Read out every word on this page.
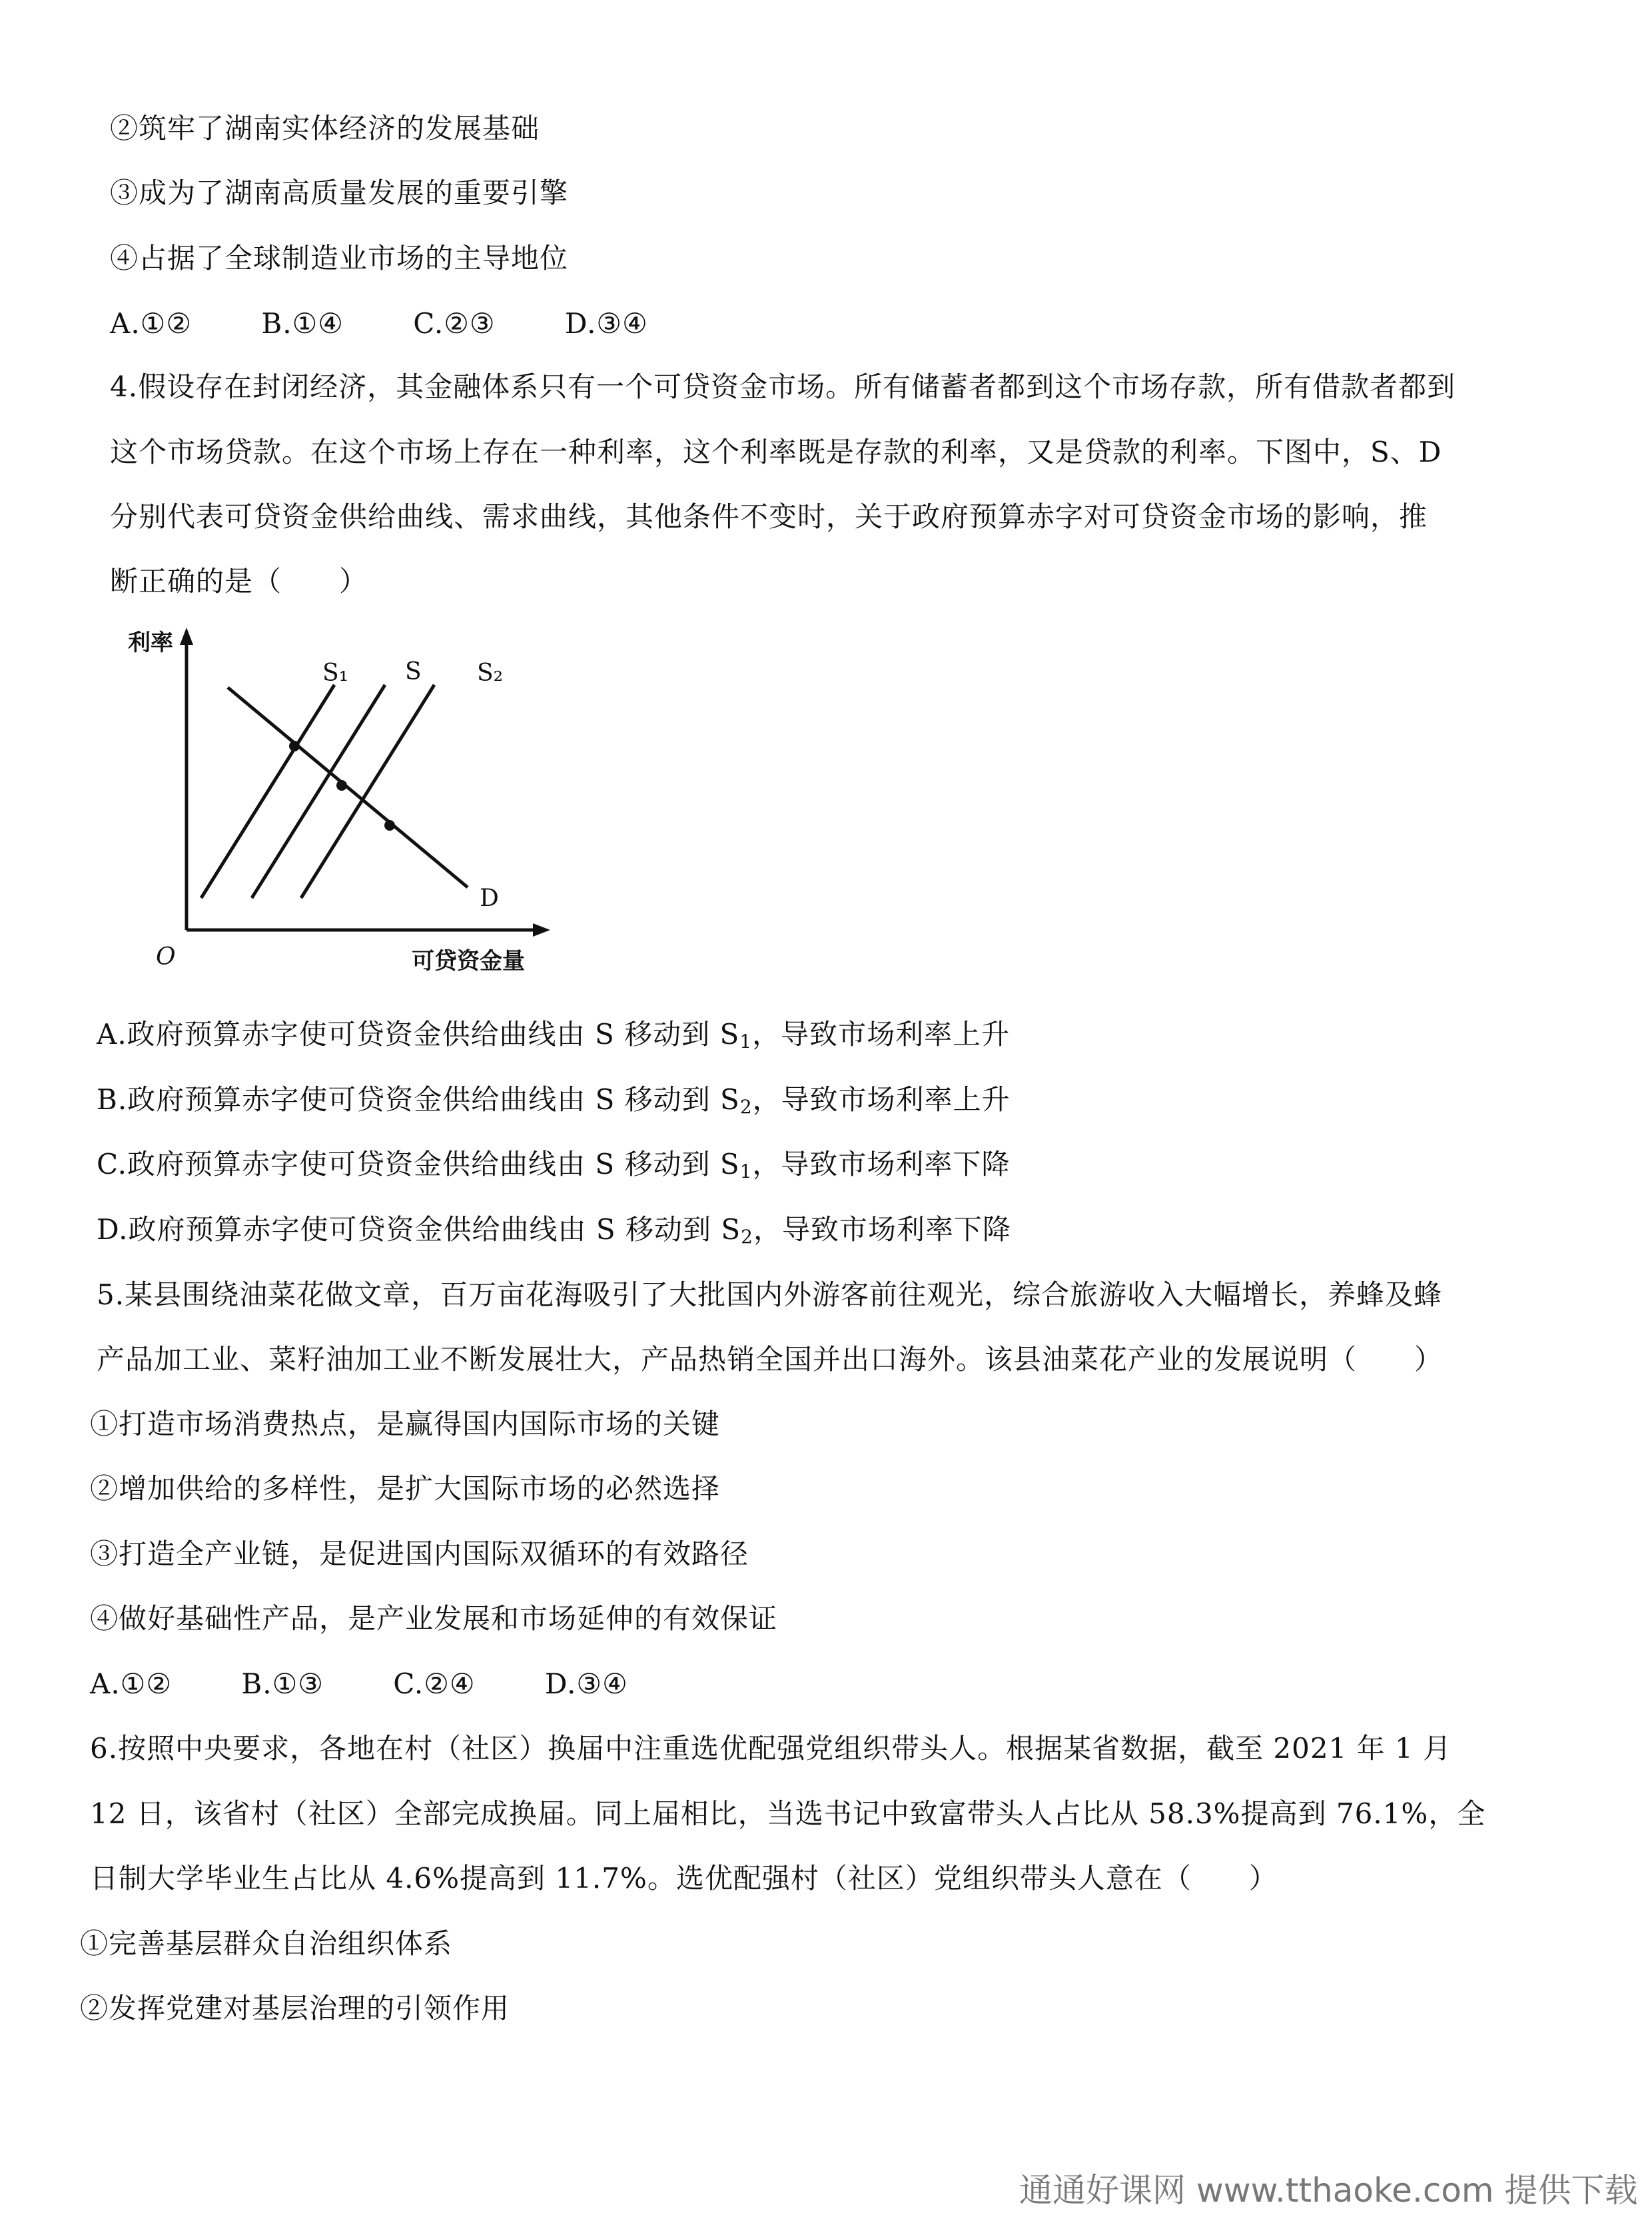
②筑牢了湖南实体经济的发展基础
③成为了湖南高质量发展的重要引擎
④占据了全球制造业市场的主导地位
A.①② B.①④ C.②③ D.③④
4.假设存在封闭经济，其金融体系只有一个可贷资金市场。所有储蓄者都到这个市场存款，所有借款者都到
这个市场贷款。在这个市场上存在一种利率，这个利率既是存款的利率，又是贷款的利率。下图中，S、D
分别代表可贷资金供给曲线、需求曲线，其他条件不变时，关于政府预算赤字对可贷资金市场的影响，推
断正确的是（　　）
利率
O	可贷资金量
S₁ S S₂
D
A.政府预算赤字使可贷资金供给曲线由 S 移动到 $S_1$，导致市场利率上升
B.政府预算赤字使可贷资金供给曲线由 S 移动到 $S_2$，导致市场利率上升
C.政府预算赤字使可贷资金供给曲线由 S 移动到 $S_1$，导致市场利率下降
D.政府预算赤字使可贷资金供给曲线由 S 移动到 $S_2$，导致市场利率下降
5.某县围绕油菜花做文章，百万亩花海吸引了大批国内外游客前往观光，综合旅游收入大幅增长，养蜂及蜂
产品加工业、菜籽油加工业不断发展壮大，产品热销全国并出口海外。该县油菜花产业的发展说明（　　）
①打造市场消费热点，是赢得国内国际市场的关键
②增加供给的多样性，是扩大国际市场的必然选择
③打造全产业链，是促进国内国际双循环的有效路径
④做好基础性产品，是产业发展和市场延伸的有效保证
A.①② B.①③ C.②④ D.③④
6.按照中央要求，各地在村（社区）换届中注重选优配强党组织带头人。根据某省数据，截至 2021 年 1 月
12 日，该省村（社区）全部完成换届。同上届相比，当选书记中致富带头人占比从 58.3%提高到 76.1%，全
日制大学毕业生占比从 4.6%提高到 11.7%。选优配强村（社区）党组织带头人意在（　　）
①完善基层群众自治组织体系
②发挥党建对基层治理的引领作用
通通好课网 www.tthaoke.com 提供下载
